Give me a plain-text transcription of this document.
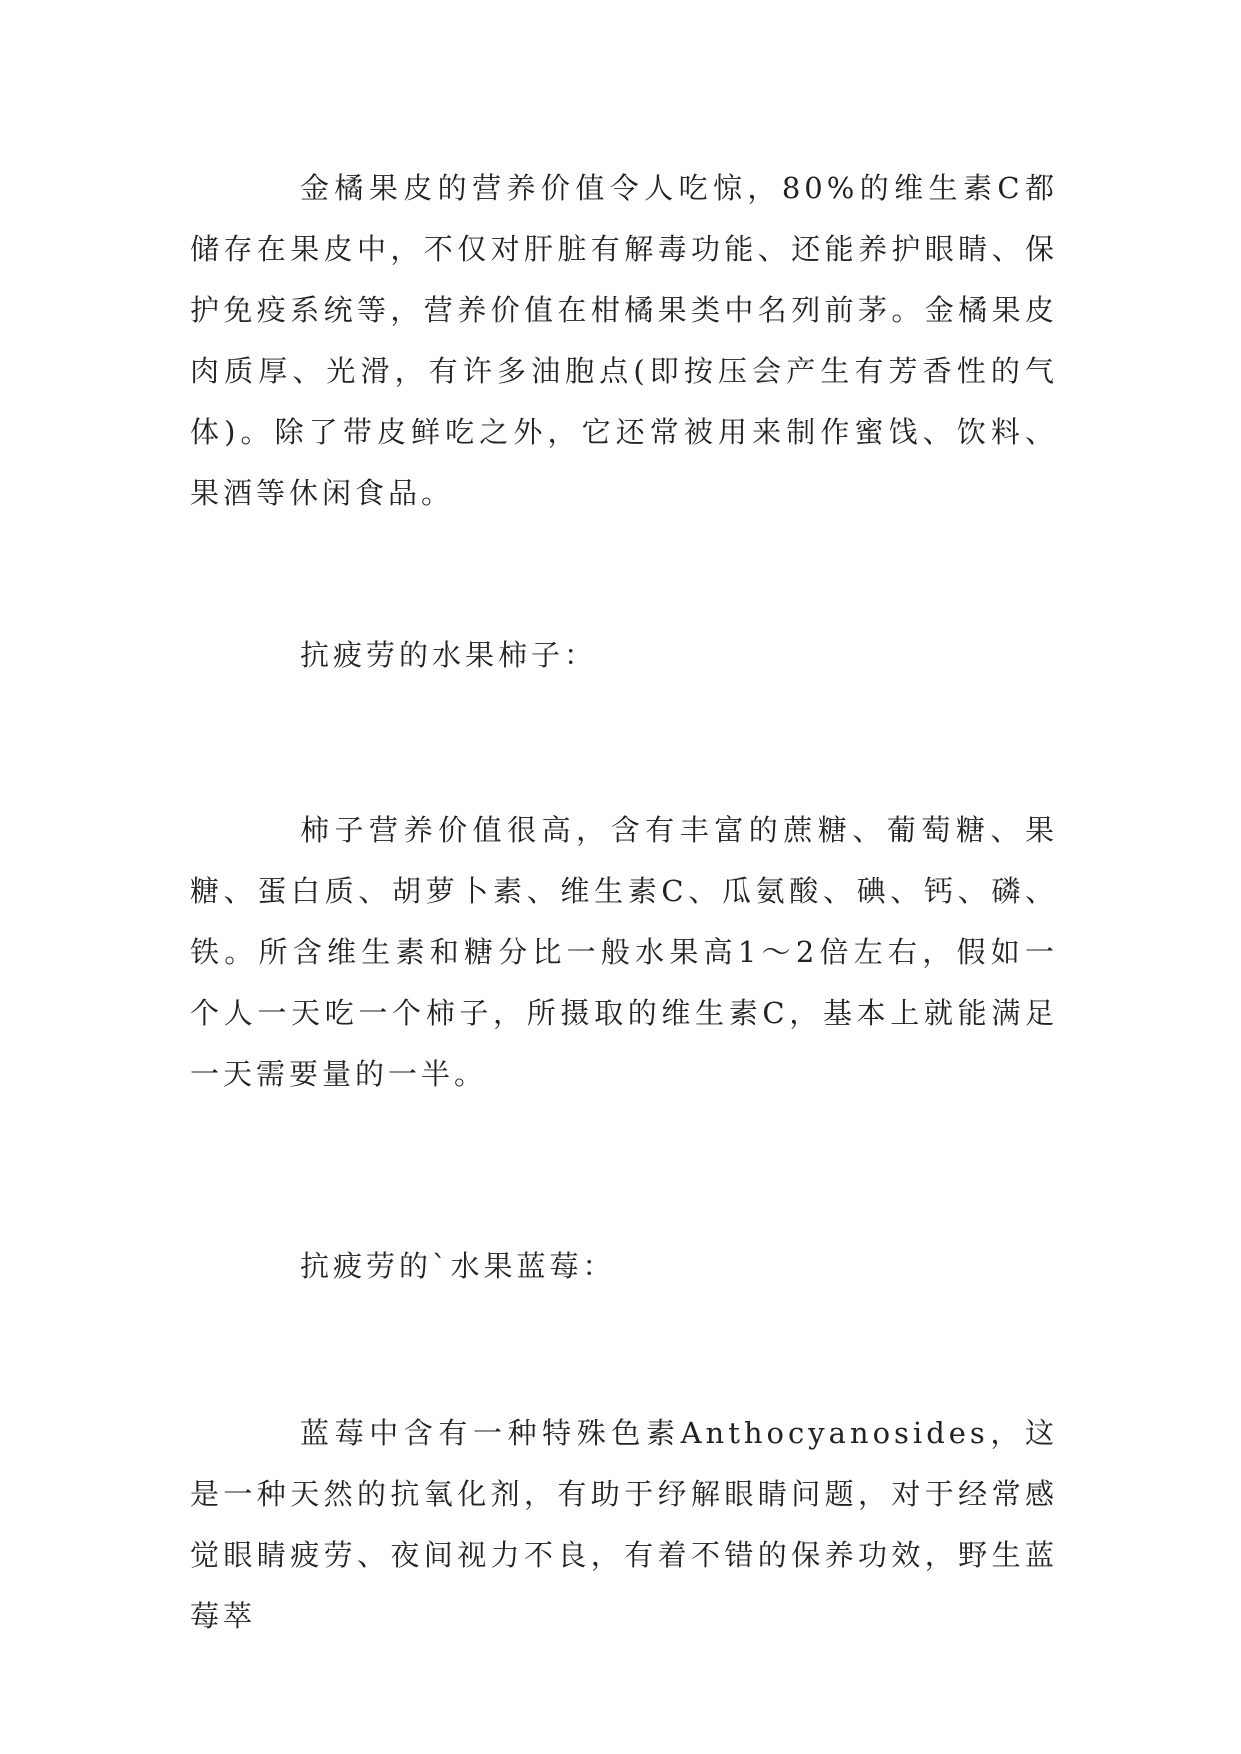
金橘果皮的营养价值令人吃惊，80%的维生素C都储存在果皮中，不仅对肝脏有解毒功能、还能养护眼睛、保护免疫系统等，营养价值在柑橘果类中名列前茅。金橘果皮肉质厚、光滑，有许多油胞点(即按压会产生有芳香性的气体)。除了带皮鲜吃之外，它还常被用来制作蜜饯、饮料、果酒等休闲食品。

抗疲劳的水果柿子：

柿子营养价值很高，含有丰富的蔗糖、葡萄糖、果糖、蛋白质、胡萝卜素、维生素C、瓜氨酸、碘、钙、磷、铁。所含维生素和糖分比一般水果高1～2倍左右，假如一个人一天吃一个柿子，所摄取的维生素C，基本上就能满足一天需要量的一半。

抗疲劳的`水果蓝莓：

蓝莓中含有一种特殊色素Anthocyanosides，这是一种天然的抗氧化剂，有助于纾解眼睛问题，对于经常感觉眼睛疲劳、夜间视力不良，有着不错的保养功效，野生蓝莓萃
